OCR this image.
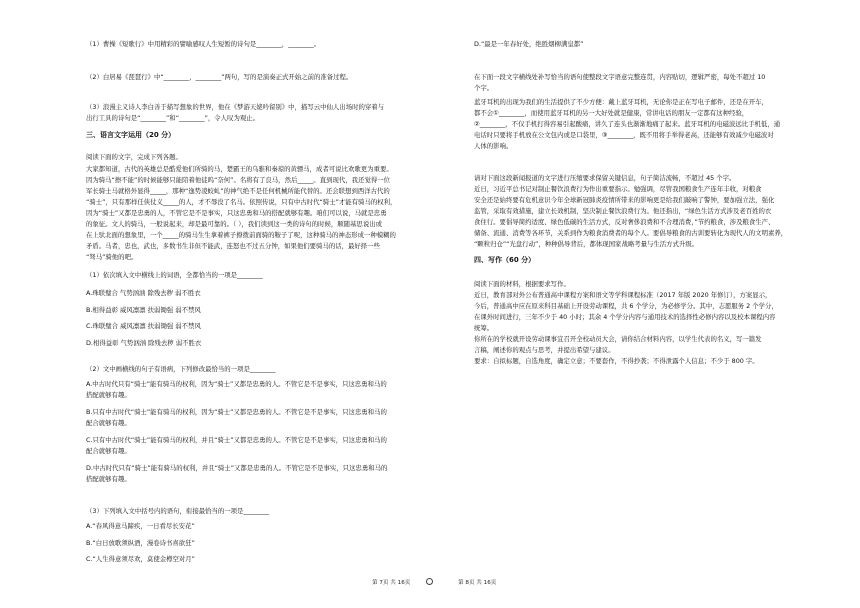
（1）曹操《短歌行》中用精彩的譬喻感叹人生短暂的诗句是________，________。
（2）白居易《琵琶行》中“________，________”两句，写的是演奏正式开始之前的准备过程。
（3）浪漫主义诗人李白善于描写想象的世界，他在《梦游天姥吟留别》中，描写云中仙人出场时的穿着与
出行工具的诗句是“________”和“________”，令人叹为观止。
三、语言文字运用（20 分）
阅读下面的文字，完成下列各题。
大家都知道，古代的英雄总是酷爱他们所骑的马，楚霸王的乌骓和秦琼的黄骠马，成者可说比欢歌更为重要。
因为骑马“擦不能”的时候能够只能陪着他徒呜“奈何”。名将有了良马，然后_____。直到现代，我还觉得一位
军长骑士马就格外显得_____，那种“逸势凌蛟虬”的神气绝不是任何机械所能代替的。还会联想到西洋古代的
“骑士”，只有那样任侠仗义_____的人，才不辱没了名马。依照传说，只有中古时代“骑士”才能有骑马的权利，
因为“骑士”又都是忠勇的人，不管它是不是事实，只这忠勇和马的搭配就够有趣。咱们可以说，马就是忠勇
的象征。文人的骑马，一般说起来，却是最可靠的。（ ），我们读到这一类的诗句的时候，顺随基思说出或
在上驮北面的想象里，一个_____的骑马生生拿着裤子撩拨前面骑的鞍子了呢，这种骑马的神态形成一种模糊的
矛盾。马者，忠也，武也，多数书生非但不能武，连怒也不过五分钟，如果他们要骑马的话，最好择一些
“驽马”骑他的吧。
（1）依次填入文中横线上的词语，全都恰当的一项是________
A.珠联璧合 气势汹汹 除残去秽 弱不胜衣
B.相得益彰 威风凛凛 扶弱锄强 弱不禁风
C.珠联璧合 威风凛凛 扶弱锄强 弱不禁风
D.相得益彰 气势汹汹 除残去秽 弱不胜衣
（2）文中画横线的句子有语病，下列修改最恰当的一项是________
A.中古时代只有“骑士”能有骑马的权利，因为“骑士”又都是忠勇的人。不管它是不是事实，只这忠勇和马的
搭配就够有趣。
B.只有中古时代“骑士”能有骑马的权利，因为“骑士”又都是忠勇的人。不管它是不是事实，只这忠勇和马的
配合就够有趣。
C.只有中古时代“骑士”能有骑马的权利，并且“骑士”又都是忠勇的人。不管它是不是事实，只这忠勇和马的
配合就够有趣。
D.中古时代只有“骑士”能有骑马的权利，并且“骑士”又都是忠勇的人。不管它是不是事实，只这忠勇和马的
搭配就够有趣。
（3）下列填入文中括号内的语句，衔接最恰当的一项是________
A.“春风得意马蹄疾，一日看尽长安花”
B.“白日放歌须纵酒，漫卷诗书喜欲狂”
C.“人生得意须尽欢，莫使金樽空对月”
D.“最是一年春好处，绝胜烟柳满皇都”
在下面一段文字横线处补写恰当的语句使整段文字语意完整连贯，内容贴切，逻辑严密，每处不超过 10
个字。
蓝牙耳机的出现为我们的生活提供了不少方便：戴上蓝牙耳机，无论你是正在写电子邮件，还是在开车，
都不会①________，而使用蓝牙耳机的另一大好处就是健康，常讲电话的朋友一定都有这种经验，
②________，不仅手机打得容易引起酸痛，讲久了连头也渐渐地痛了起来。蓝牙耳机的电磁波远比手机低，通
电话时只要将手机放在公文包内或是口袋里，③________，既不用将手举得老高，还能够有效减少电磁波对
人体的影响。
请对下面这段新闻报道的文字进行压缩要求保留关键信息，句子简洁流畅，不超过 45 个字。
近日，习近平总书记对制止餐饮浪费行为作出重要指示。勉强调，尽管我国粮食生产连年丰收，对粮食
安全还是始终要有危机意识今年全球新冠肺炎疫情所带来的影响更是给我们敲响了警钟，要加强立法，强化
监管，采取有效措施，建立长效机制，坚决制止餐饮浪费行为。他还指出，“绿色生活方式涉及老百姓的衣
食住行。要倡导简约适度、绿色低碳的生活方式，反对奢侈浪费和不合理消费，”节约粮食，涉及粮食生产、
储备、流通、消费等各环节，关系到作为粮食消费者的每个人。要倡导粮食的古训要转化为现代人的文明素养，
“颗粒归仓”“光盘行动”，种种倡导背后，都体现国家战略考量与生活方式升级。
四、写作（60 分）
阅读下面的材料，根据要求写作。
近日，教育部对外公布普通高中课程方案和语文等学科课程标准（2017 年版 2020 年修订），方案显示，
今后，普通高中应在原来科目基础上开设劳动课程，共 6 个学分，为必修学分。其中，志愿服务 2 个学分，
在课外时间进行，三年不少于 40 小时；其余 4 个学分内容与通用技术的选择性必修内容以及校本课程内容
统筹。
你所在的学校就开设劳动课事宜召开全校动员大会，请你结合材料内容，以学生代表的名义，写一篇发
言稿，阐述你的观点与思考，并提出希望与建议。
要求：自拟标题，自选角度，确定立意；不要套作，不得抄袭；不得泄露个人信息；不少于 800 字。
第 7页 共 16页	第 8页 共 16页
